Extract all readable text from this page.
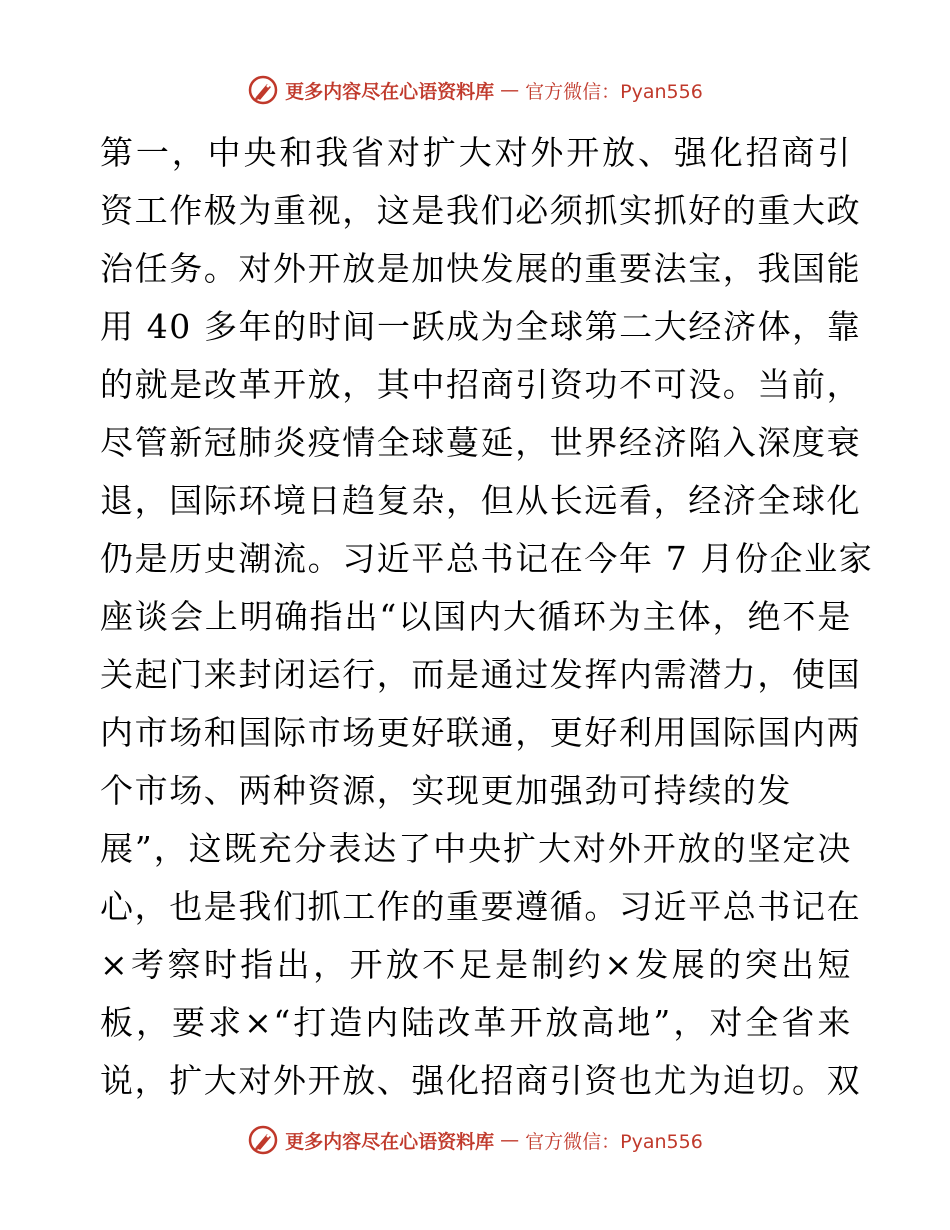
更多内容尽在心语资料库 — 官方微信：Pyan556
第一，中央和我省对扩大对外开放、强化招商引
资工作极为重视，这是我们必须抓实抓好的重大政
治任务。对外开放是加快发展的重要法宝，我国能
用 40 多年的时间一跃成为全球第二大经济体，靠
的就是改革开放，其中招商引资功不可没。当前，
尽管新冠肺炎疫情全球蔓延，世界经济陷入深度衰
退，国际环境日趋复杂，但从长远看，经济全球化
仍是历史潮流。习近平总书记在今年 7 月份企业家
座谈会上明确指出“以国内大循环为主体，绝不是
关起门来封闭运行，而是通过发挥内需潜力，使国
内市场和国际市场更好联通，更好利用国际国内两
个市场、两种资源，实现更加强劲可持续的发
展”，这既充分表达了中央扩大对外开放的坚定决
心，也是我们抓工作的重要遵循。习近平总书记在
×考察时指出，开放不足是制约×发展的突出短
板，要求×“打造内陆改革开放高地”，对全省来
说，扩大对外开放、强化招商引资也尤为迫切。双
更多内容尽在心语资料库 — 官方微信：Pyan556
